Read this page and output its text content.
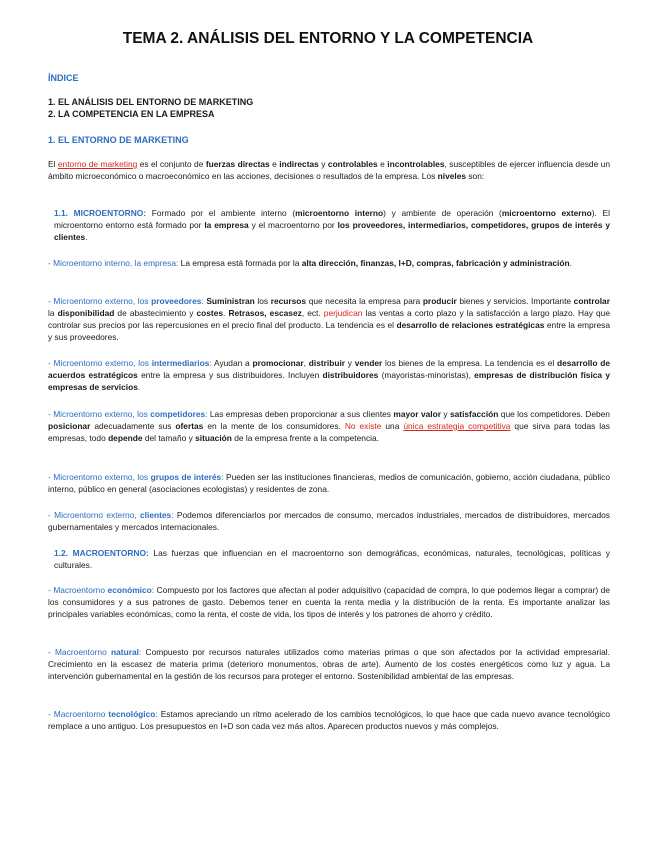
TEMA 2. ANÁLISIS DEL ENTORNO Y LA COMPETENCIA
ÍNDICE
1. EL ANÁLISIS DEL ENTORNO DE MARKETING
2. LA COMPETENCIA EN LA EMPRESA
1. EL ENTORNO DE MARKETING
El entorno de marketing es el conjunto de fuerzas directas e indirectas y controlables e incontrolables, susceptibles de ejercer influencia desde un ámbito microeconómico o macroeconómico en las acciones, decisiones o resultados de la empresa. Los niveles son:
1.1. MICROENTORNO: Formado por el ambiente interno (microentorno interno) y ambiente de operación (microentorno externo). El microentorno entorno está formado por la empresa y el macroentorno por los proveedores, intermediarios, competidores, grupos de interés y clientes.
- Microentorno interno, la empresa: La empresa está formada por la alta dirección, finanzas, I+D, compras, fabricación y administración.
- Microentorno externo, los proveedores: Suministran los recursos que necesita la empresa para producir bienes y servicios. Importante controlar la disponibilidad de abastecimiento y costes. Retrasos, escasez, ect. perjudican las ventas a corto plazo y la satisfacción a largo plazo. Hay que controlar sus precios por las repercusiones en el precio final del producto. La tendencia es el desarrollo de relaciones estratégicas entre la empresa y sus proveedores.
- Microentorno externo, los intermediarios: Ayudan a promocionar, distribuir y vender los bienes de la empresa. La tendencia es el desarrollo de acuerdos estratégicos entre la empresa y sus distribuidores. Incluyen distribuidores (mayoristas-minoristas), empresas de distribución física y empresas de servicios.
- Microentorno externo, los competidores: Las empresas deben proporcionar a sus clientes mayor valor y satisfacción que los competidores. Deben posicionar adecuadamente sus ofertas en la mente de los consumidores. No existe una única estrategia competitiva que sirva para todas las empresas, todo depende del tamaño y situación de la empresa frente a la competencia.
- Microentorno externo, los grupos de interés: Pueden ser las instituciones financieras, medios de comunicación, gobierno, acción ciudadana, público interno, público en general (asociaciones ecologistas) y residentes de zona.
- Microentorno externo, clientes: Podemos diferenciarlos por mercados de consumo, mercados industriales, mercados de distribuidores, mercados gubernamentales y mercados internacionales.
1.2. MACROENTORNO: Las fuerzas que influencian en el macroentorno son demográficas, económicas, naturales, tecnológicas, políticas y culturales.
- Macroentorno económico: Compuesto por los factores que afectan al poder adquisitivo (capacidad de compra, lo que podemos llegar a comprar) de los consumidores y a sus patrones de gasto. Debemos tener en cuenta la renta media y la distribución de la renta. Es importante analizar las principales variables económicas, como la renta, el coste de vida, los tipos de interés y los patrones de ahorro y crédito.
- Macroentorno natural: Compuesto por recursos naturales utilizados como materias primas o que son afectados por la actividad empresarial. Crecimiento en la escasez de materia prima (deterioro monumentos, obras de arte). Aumento de los costes energéticos como luz y agua. La intervención gubernamental en la gestión de los recursos para proteger el entorno. Sostenibilidad ambiental de las empresas.
- Macroentorno tecnológico: Estamos apreciando un ritmo acelerado de los cambios tecnológicos, lo que hace que cada nuevo avance tecnológico remplace a uno antiguo. Los presupuestos en I+D son cada vez más altos. Aparecen productos nuevos y más complejos.
